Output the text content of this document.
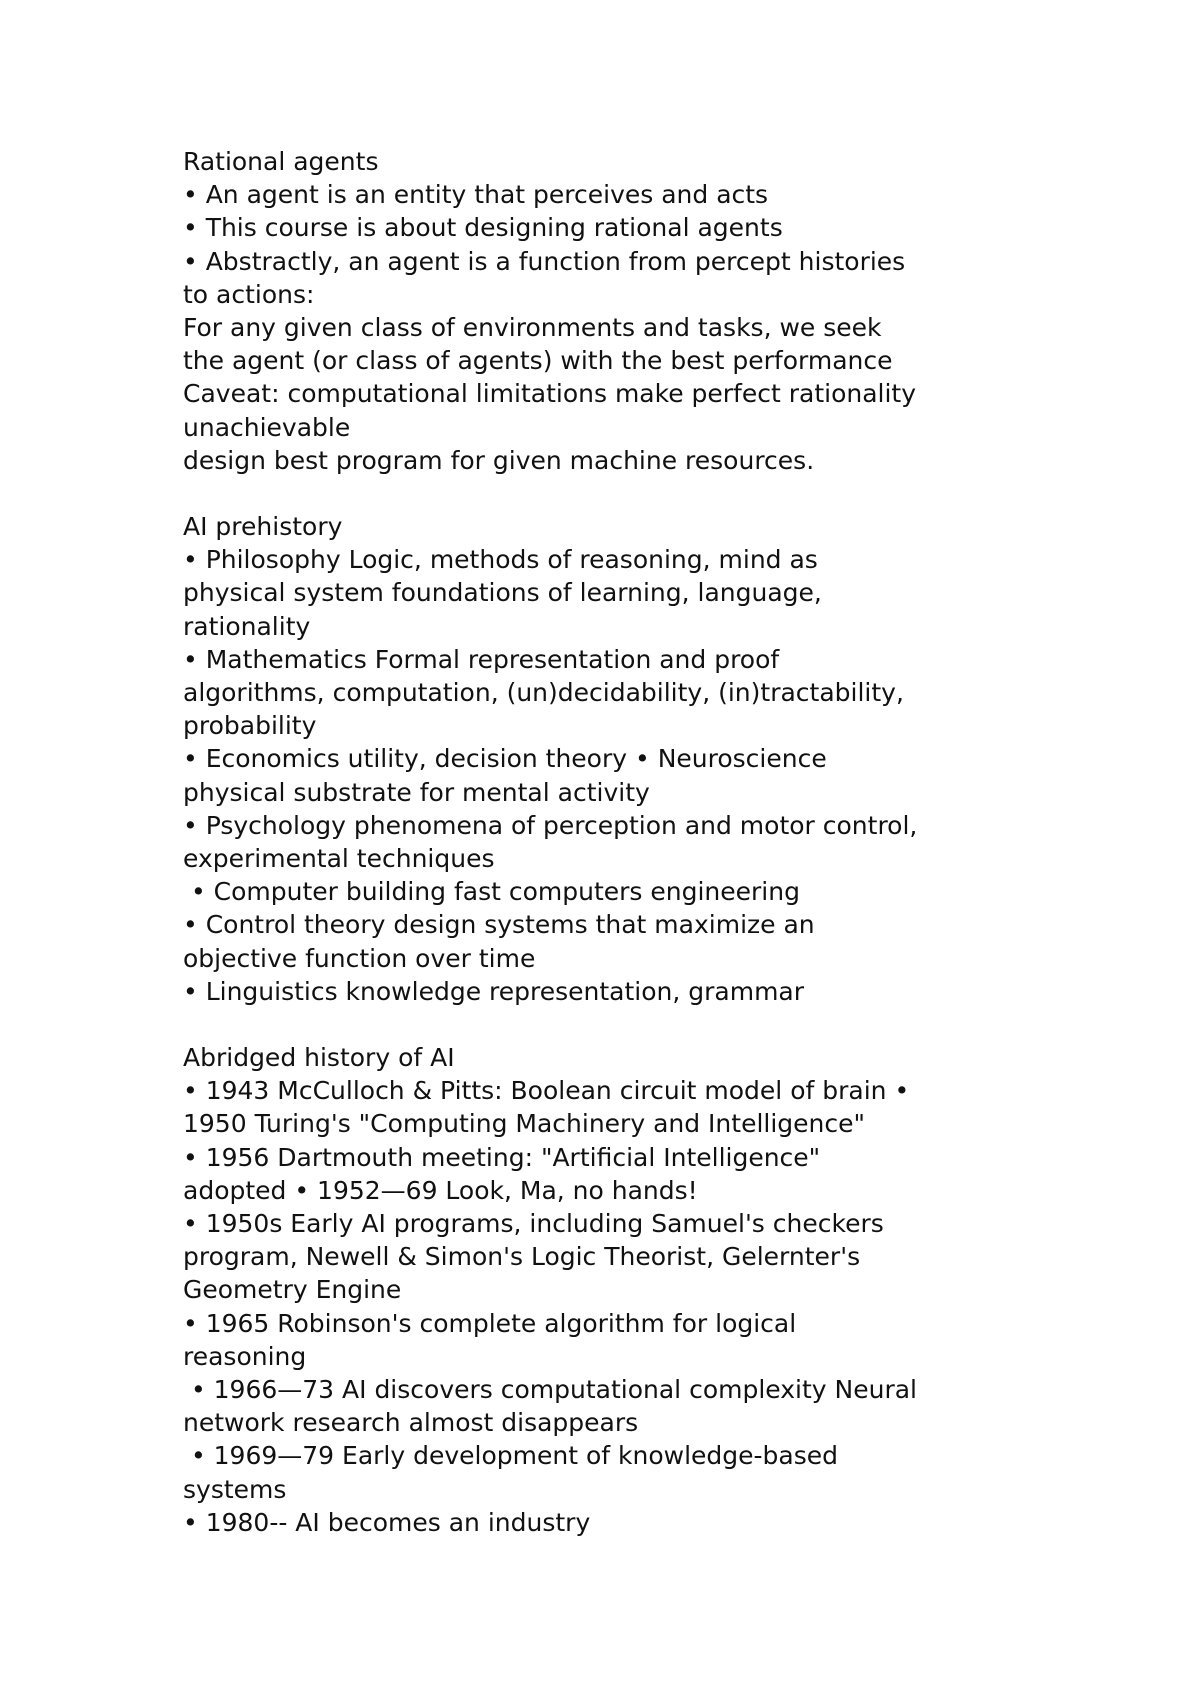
Rational agents
• An agent is an entity that perceives and acts
• This course is about designing rational agents
• Abstractly, an agent is a function from percept histories
to actions:
For any given class of environments and tasks, we seek
the agent (or class of agents) with the best performance
Caveat: computational limitations make perfect rationality
unachievable
design best program for given machine resources.
AI prehistory
• Philosophy Logic, methods of reasoning, mind as
physical system foundations of learning, language,
rationality
• Mathematics Formal representation and proof
algorithms, computation, (un)decidability, (in)tractability,
probability
• Economics utility, decision theory • Neuroscience
physical substrate for mental activity
• Psychology phenomena of perception and motor control,
experimental techniques
• Computer building fast computers engineering
• Control theory design systems that maximize an
objective function over time
• Linguistics knowledge representation, grammar
Abridged history of AI
• 1943 McCulloch & Pitts: Boolean circuit model of brain •
1950 Turing's "Computing Machinery and Intelligence"
• 1956 Dartmouth meeting: "Artificial Intelligence"
adopted • 1952—69 Look, Ma, no hands!
• 1950s Early AI programs, including Samuel's checkers
program, Newell & Simon's Logic Theorist, Gelernter's
Geometry Engine
• 1965 Robinson's complete algorithm for logical
reasoning
• 1966—73 AI discovers computational complexity Neural
network research almost disappears
• 1969—79 Early development of knowledge-based
systems
• 1980-- AI becomes an industry
